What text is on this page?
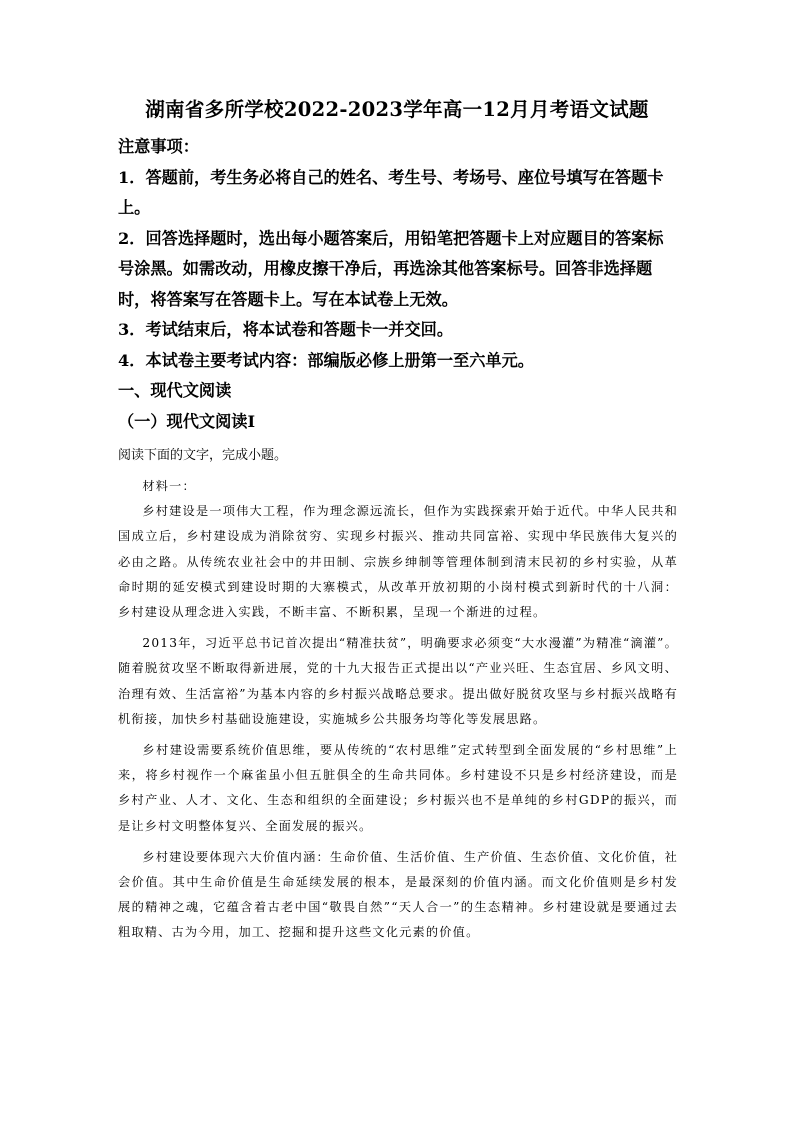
湖南省多所学校2022-2023学年高一12月月考语文试题

注意事项：

1．答题前，考生务必将自己的姓名、考生号、考场号、座位号填写在答题卡上。

2．回答选择题时，选出每小题答案后，用铅笔把答题卡上对应题目的答案标号涂黑。如需改动，用橡皮擦干净后，再选涂其他答案标号。回答非选择题时，将答案写在答题卡上。写在本试卷上无效。

3．考试结束后，将本试卷和答题卡一并交回。

4．本试卷主要考试内容：部编版必修上册第一至六单元。

一、现代文阅读

（一）现代文阅读Ⅰ

阅读下面的文字，完成小题。

材料一：

乡村建设是一项伟大工程，作为理念源远流长，但作为实践探索开始于近代。中华人民共和国成立后，乡村建设成为消除贫穷、实现乡村振兴、推动共同富裕、实现中华民族伟大复兴的必由之路。从传统农业社会中的井田制、宗族乡绅制等管理体制到清末民初的乡村实验，从革命时期的延安模式到建设时期的大寨模式，从改革开放初期的小岗村模式到新时代的十八洞：乡村建设从理念进入实践，不断丰富、不断积累，呈现一个渐进的过程。

2013年，习近平总书记首次提出“精准扶贫”，明确要求必须变“大水漫灌”为精准“滴灌”。随着脱贫攻坚不断取得新进展，党的十九大报告正式提出以“产业兴旺、生态宜居、乡风文明、治理有效、生活富裕”为基本内容的乡村振兴战略总要求。提出做好脱贫攻坚与乡村振兴战略有机衔接，加快乡村基础设施建设，实施城乡公共服务均等化等发展思路。

乡村建设需要系统价值思维，要从传统的“农村思维”定式转型到全面发展的“乡村思维”上来，将乡村视作一个麻雀虽小但五脏俱全的生命共同体。乡村建设不只是乡村经济建设，而是乡村产业、人才、文化、生态和组织的全面建设；乡村振兴也不是单纯的乡村GDP的振兴，而是让乡村文明整体复兴、全面发展的振兴。

乡村建设要体现六大价值内涵：生命价值、生活价值、生产价值、生态价值、文化价值，社会价值。其中生命价值是生命延续发展的根本，是最深刻的价值内涵。而文化价值则是乡村发展的精神之魂，它蕴含着古老中国“敬畏自然”“天人合一”的生态精神。乡村建设就是要通过去粗取精、古为今用，加工、挖掘和提升这些文化元素的价值。
